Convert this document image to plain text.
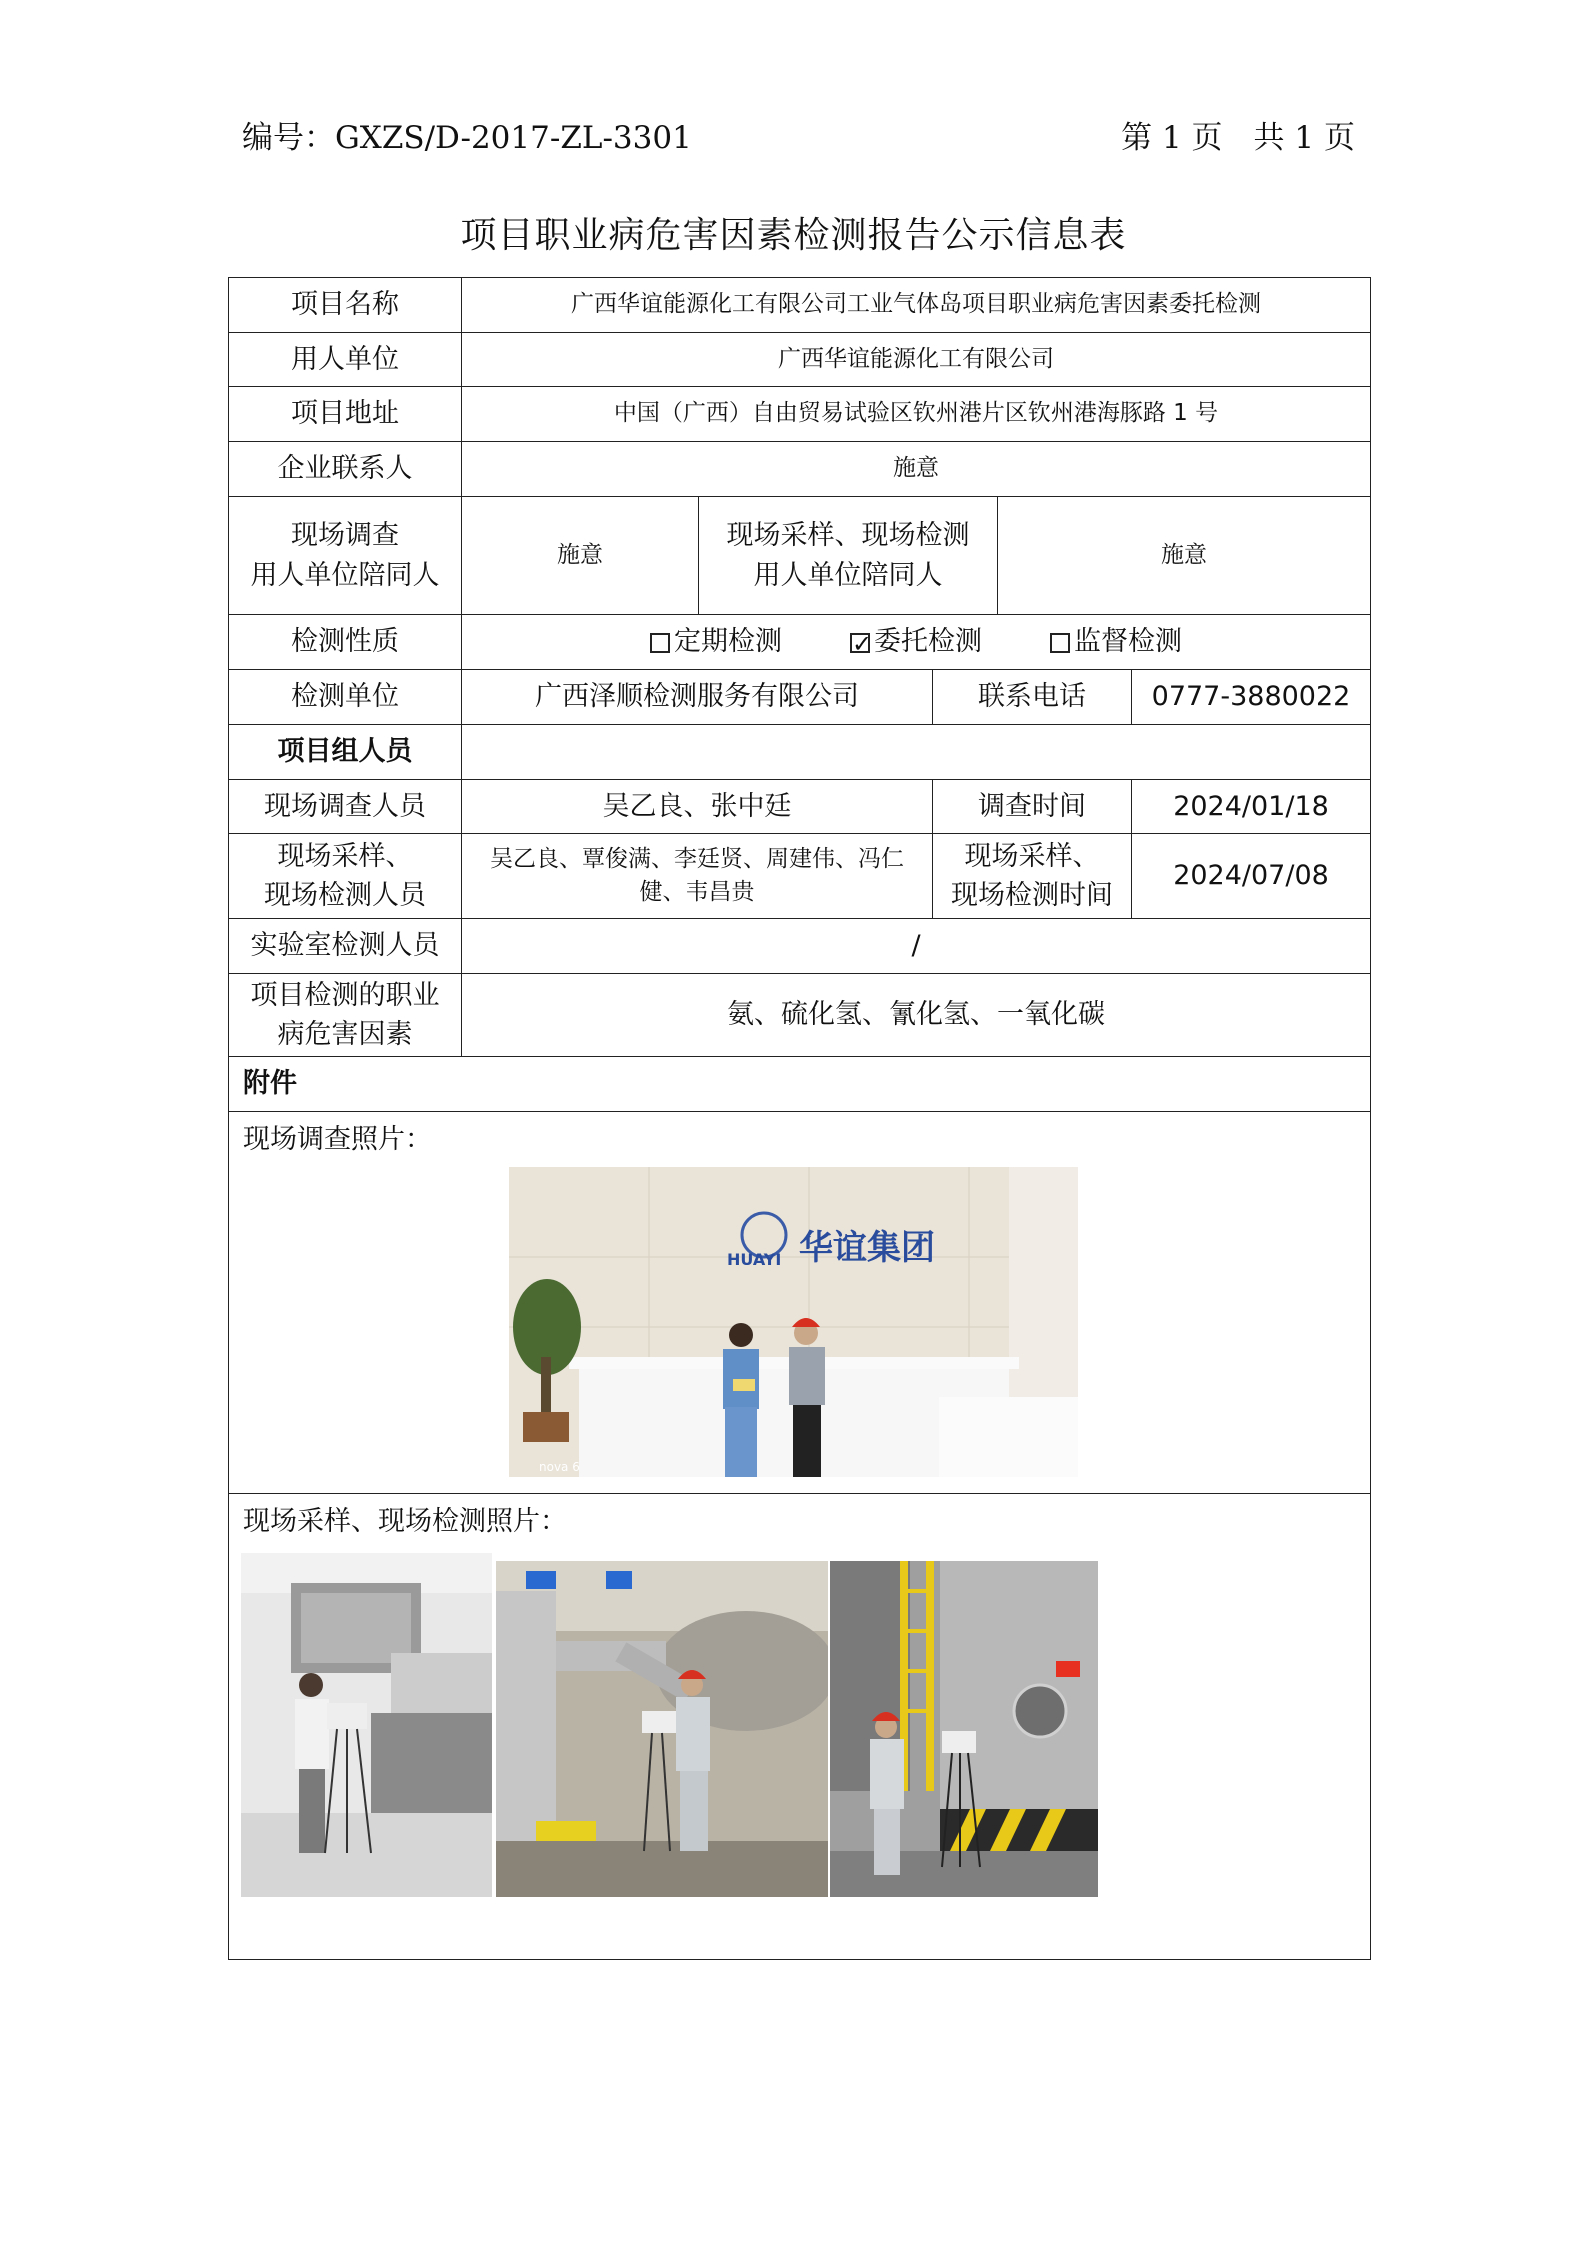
编号：GXZS/D-2017-ZL-3301	第 1 页　共 1 页
项目职业病危害因素检测报告公示信息表
项目名称	广西华谊能源化工有限公司工业气体岛项目职业病危害因素委托检测
用人单位	广西华谊能源化工有限公司
项目地址	中国（广西）自由贸易试验区钦州港片区钦州港海豚路 1 号
企业联系人	施意
现场调查
用人单位陪同人
施意
现场采样、现场检测
用人单位陪同人
施意
检测性质	定期检测
✓	委托检测	监督检测
检测单位	广西泽顺检测服务有限公司	联系电话	0777-3880022
项目组人员
现场调查人员	吴乙良、张中廷	调查时间	2024/01/18
现场采样、
现场检测人员
吴乙良、覃俊满、李廷贤、周建伟、冯仁
健、韦昌贵
现场采样、
现场检测时间
2024/07/08
实验室检测人员	/
项目检测的职业
病危害因素
氨、硫化氢、氰化氢、一氧化碳
附件
现场调查照片：
现场采样、现场检测照片：
HUAYI 华谊集团
nova 6
